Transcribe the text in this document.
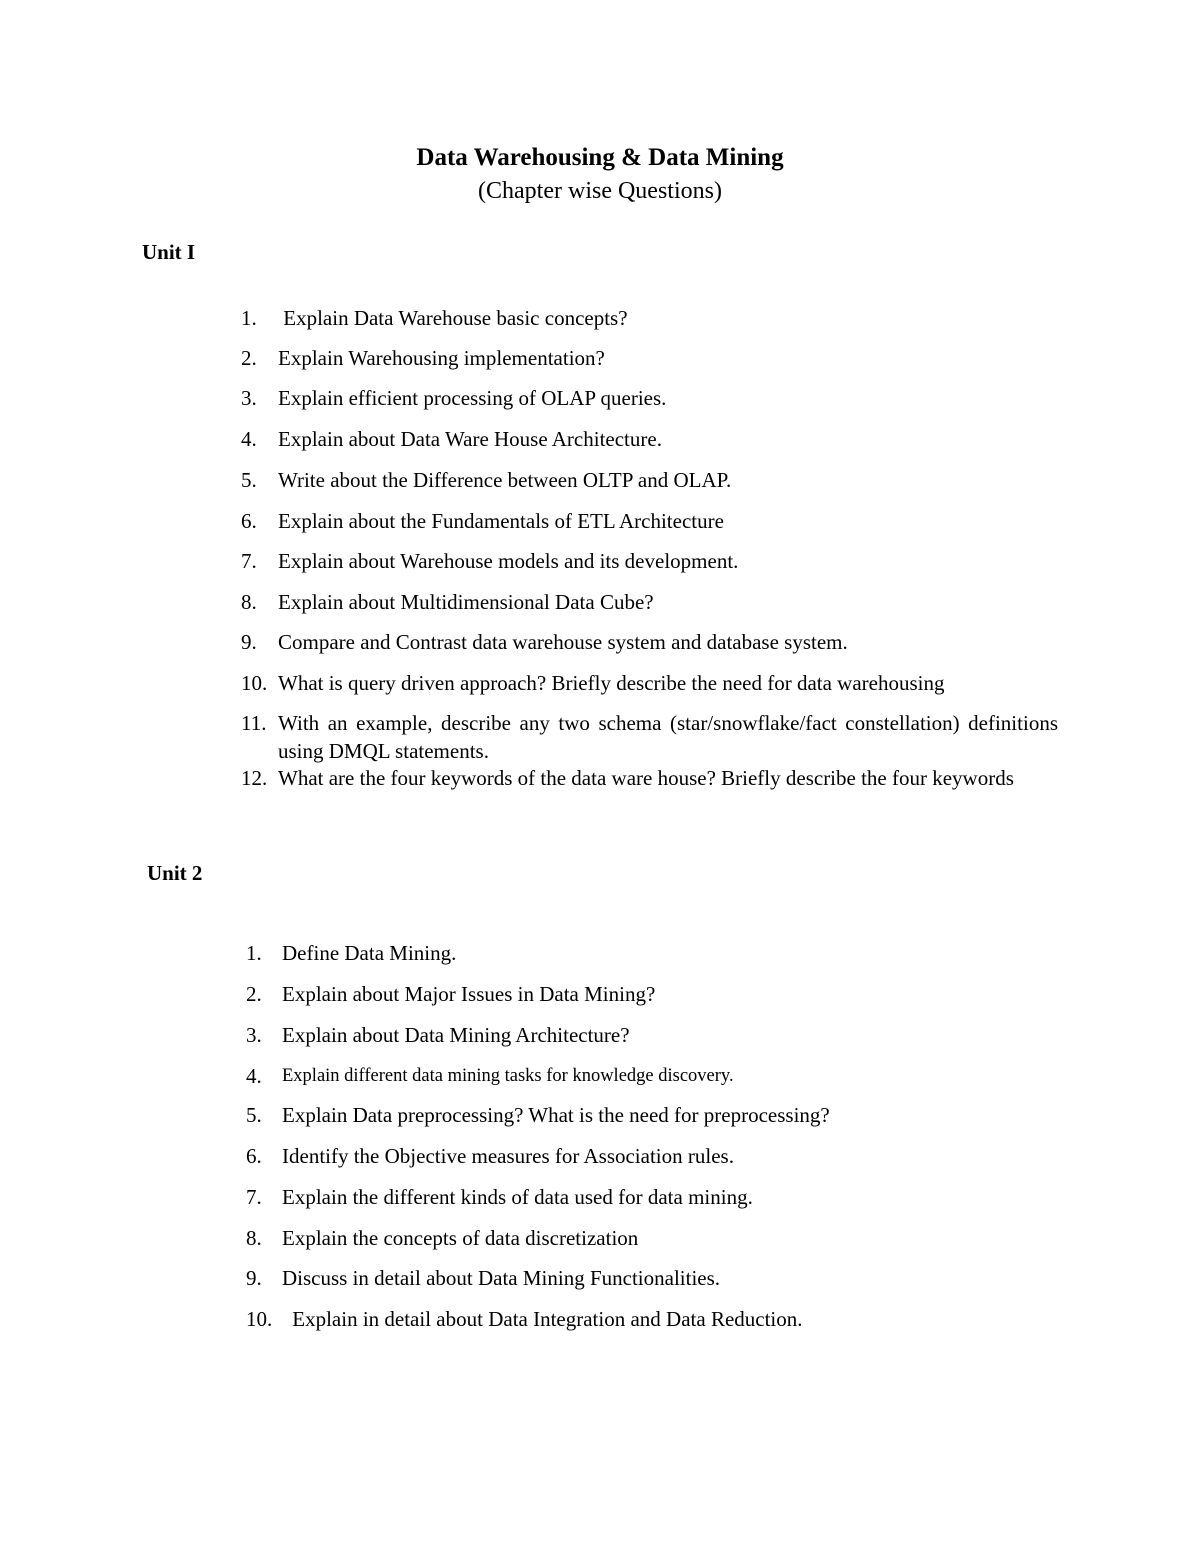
Data Warehousing & Data Mining
(Chapter wise Questions)
Unit I
1. Explain Data Warehouse basic concepts?
2. Explain Warehousing implementation?
3. Explain efficient processing of OLAP queries.
4. Explain about Data Ware House Architecture.
5. Write about the Difference between OLTP and OLAP.
6. Explain about the Fundamentals of ETL Architecture
7. Explain about Warehouse models and its development.
8. Explain about Multidimensional Data Cube?
9. Compare and Contrast data warehouse system and database system.
10. What is query driven approach? Briefly describe the need for data warehousing
11. With an example, describe any two schema (star/snowflake/fact constellation) definitions using DMQL statements.
12. What are the four keywords of the data ware house? Briefly describe the four keywords
Unit 2
1. Define Data Mining.
2. Explain about Major Issues in Data Mining?
3. Explain about Data Mining Architecture?
4. Explain different data mining tasks for knowledge discovery.
5. Explain Data preprocessing? What is the need for preprocessing?
6. Identify the Objective measures for Association rules.
7. Explain the different kinds of data used for data mining.
8. Explain the concepts of data discretization
9. Discuss in detail about Data Mining Functionalities.
10. Explain in detail about Data Integration and Data Reduction.
